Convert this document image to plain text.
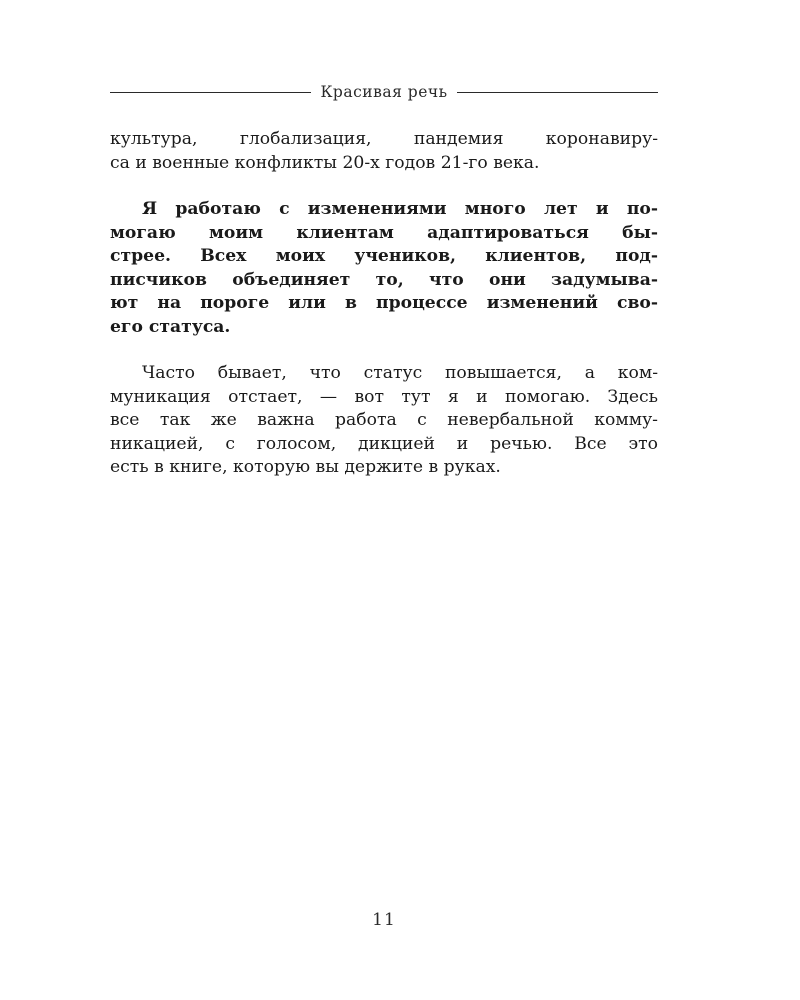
Красивая речь

культура, глобализация, пандемия коронавиру-
са и военные конфликты 20-х годов 21-го века.

Я работаю с изменениями много лет и по-
могаю моим клиентам адаптироваться бы-
стрее. Всех моих учеников, клиентов, под-
писчиков объединяет то, что они задумыва-
ют на пороге или в процессе изменений сво-
его статуса.

Часто бывает, что статус повышается, а ком-
муникация отстает, — вот тут я и помогаю. Здесь
все так же важна работа с невербальной комму-
никацией, с голосом, дикцией и речью. Все это
есть в книге, которую вы держите в руках.

11
